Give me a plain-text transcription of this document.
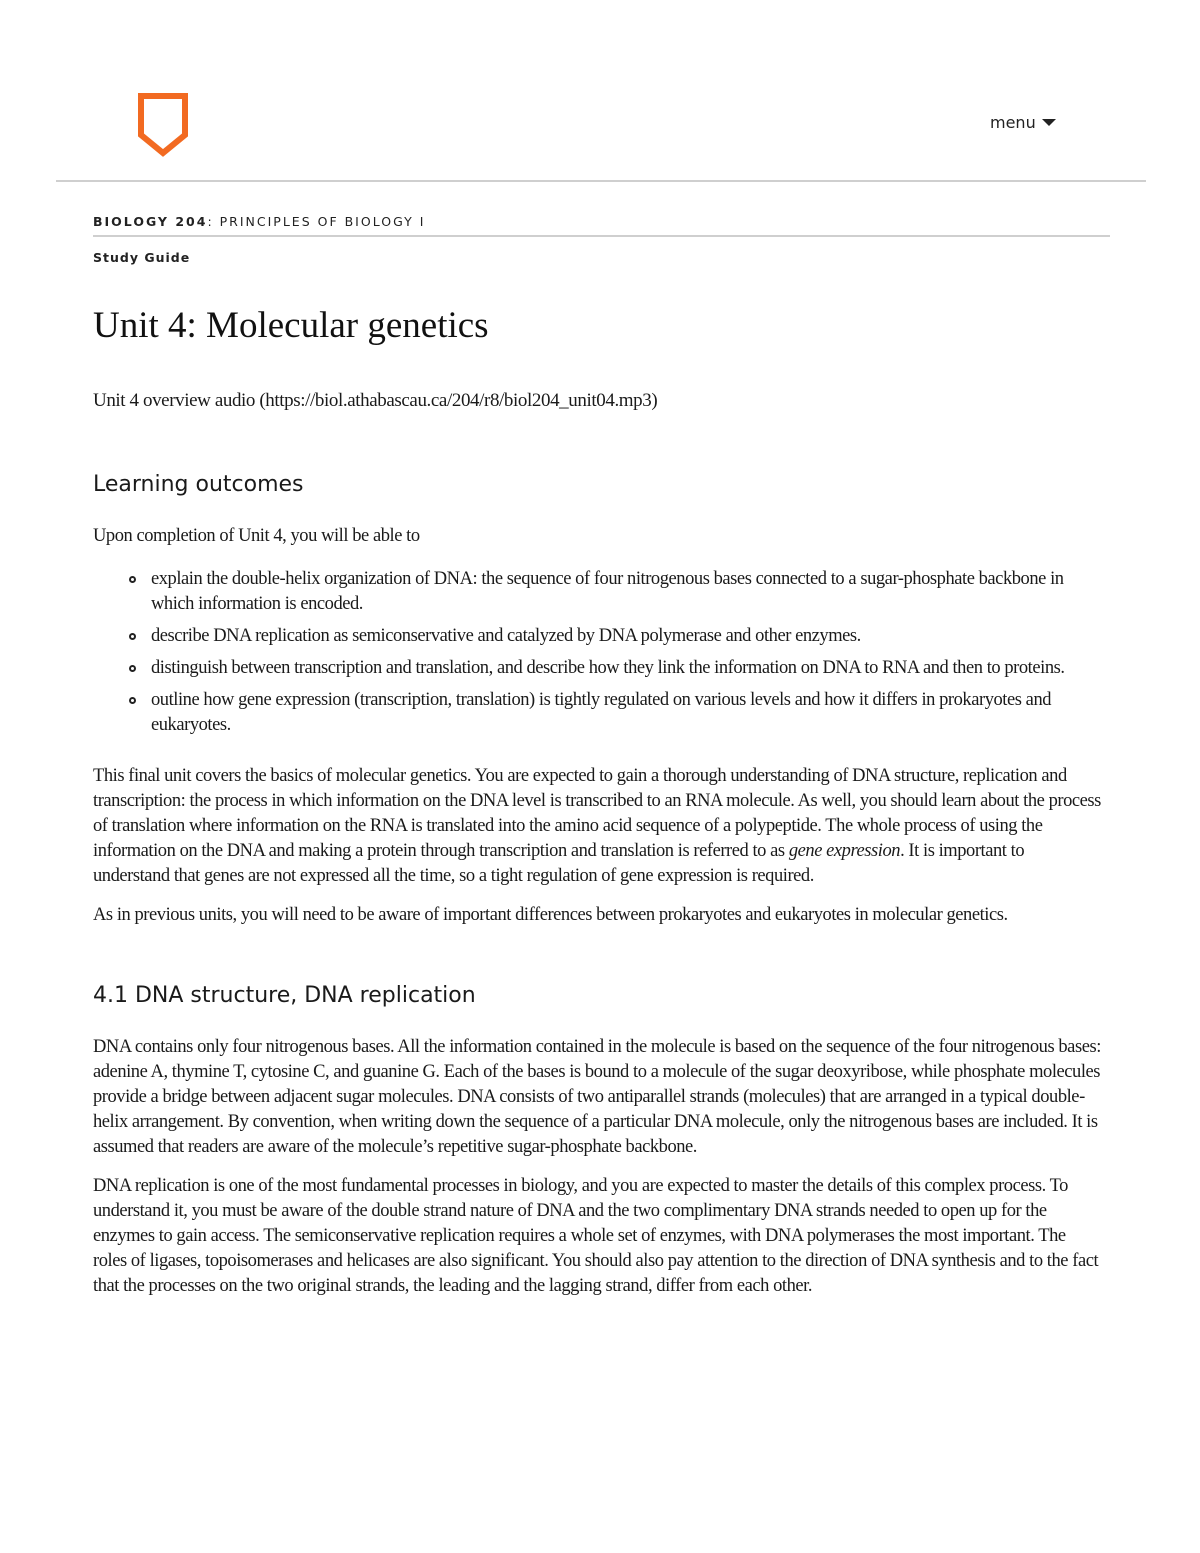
menu
BIOLOGY 204: PRINCIPLES OF BIOLOGY I
Study Guide
Unit 4: Molecular genetics

Unit 4 overview audio (https://biol.athabascau.ca/204/r8/biol204_unit04.mp3)

Learning outcomes

Upon completion of Unit 4, you will be able to

explain the double-helix organization of DNA: the sequence of four nitrogenous bases connected to a sugar-phosphate backbone in which information is encoded.
describe DNA replication as semiconservative and catalyzed by DNA polymerase and other enzymes.
distinguish between transcription and translation, and describe how they link the information on DNA to RNA and then to proteins.
outline how gene expression (transcription, translation) is tightly regulated on various levels and how it differs in prokaryotes and eukaryotes.

This final unit covers the basics of molecular genetics. You are expected to gain a thorough understanding of DNA structure, replication and transcription: the process in which information on the DNA level is transcribed to an RNA molecule. As well, you should learn about the process of translation where information on the RNA is translated into the amino acid sequence of a polypeptide. The whole process of using the information on the DNA and making a protein through transcription and translation is referred to as gene expression. It is important to understand that genes are not expressed all the time, so a tight regulation of gene expression is required.

As in previous units, you will need to be aware of important differences between prokaryotes and eukaryotes in molecular genetics.

4.1 DNA structure, DNA replication

DNA contains only four nitrogenous bases. All the information contained in the molecule is based on the sequence of the four nitrogenous bases: adenine A, thymine T, cytosine C, and guanine G. Each of the bases is bound to a molecule of the sugar deoxyribose, while phosphate molecules provide a bridge between adjacent sugar molecules. DNA consists of two antiparallel strands (molecules) that are arranged in a typical double-helix arrangement. By convention, when writing down the sequence of a particular DNA molecule, only the nitrogenous bases are included. It is assumed that readers are aware of the molecule’s repetitive sugar-phosphate backbone.

DNA replication is one of the most fundamental processes in biology, and you are expected to master the details of this complex process. To understand it, you must be aware of the double strand nature of DNA and the two complimentary DNA strands needed to open up for the enzymes to gain access. The semiconservative replication requires a whole set of enzymes, with DNA polymerases the most important. The roles of ligases, topoisomerases and helicases are also significant. You should also pay attention to the direction of DNA synthesis and to the fact that the processes on the two original strands, the leading and the lagging strand, differ from each other.
